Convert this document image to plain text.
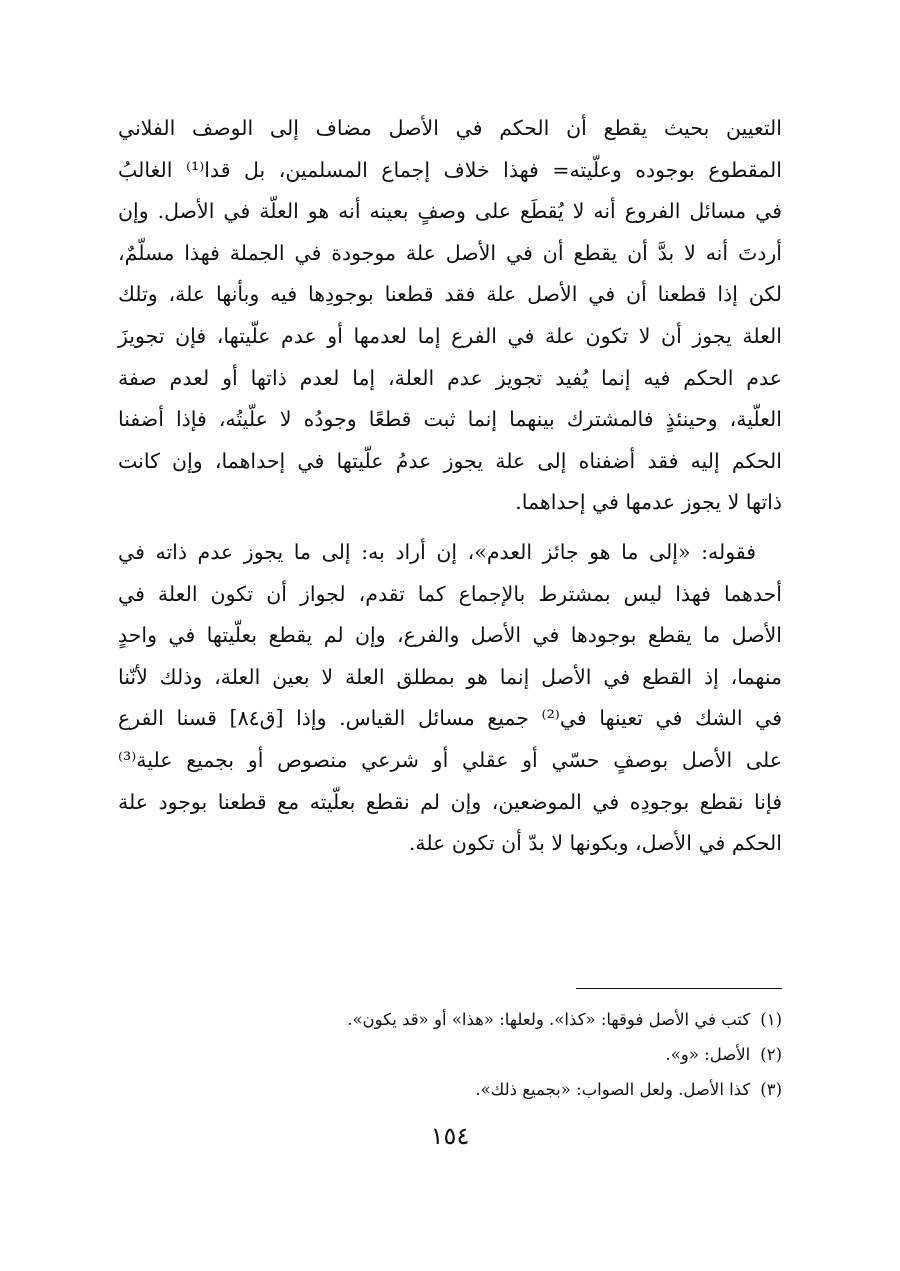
التعيين بحيث يقطع أن الحكم في الأصل مضاف إلى الوصف الفلاني
المقطوع بوجوده وعلّيته= فهذا خلاف إجماع المسلمين، بل قدا⁽¹⁾ الغالبُ
في مسائل الفروع أنه لا يُقطَع على وصفٍ بعينه أنه هو العلّة في الأصل. وإن
أردتَ أنه لا بدَّ أن يقطع أن في الأصل علة موجودة في الجملة فهذا مسلّمٌ،
لكن إذا قطعنا أن في الأصل علة فقد قطعنا بوجودِها فيه وبأنها علة، وتلك
العلة يجوز أن لا تكون علة في الفرع إما لعدمها أو عدم علّيتها، فإن تجويزَ
عدم الحكم فيه إنما يُفيد تجويز عدم العلة، إما لعدم ذاتها أو لعدم صفة
العلّية، وحينئذٍ فالمشترك بينهما إنما ثبت قطعًا وجودُه لا علّيتُه، فإذا أضفنا
الحكم إليه فقد أضفناه إلى علة يجوز عدمُ علّيتها في إحداهما، وإن كانت
ذاتها لا يجوز عدمها في إحداهما.

فقوله: «إلى ما هو جائز العدم»، إن أراد به: إلى ما يجوز عدم ذاته في
أحدهما فهذا ليس بمشترط بالإجماع كما تقدم، لجواز أن تكون العلة في
الأصل ما يقطع بوجودها في الأصل والفرع، وإن لم يقطع بعلّيتها في واحدٍ
منهما، إذ القطع في الأصل إنما هو بمطلق العلة لا بعين العلة، وذلك لأنّنا
في الشك في تعينها في⁽²⁾ جميع مسائل القياس. وإذا [ق٨٤] قسنا الفرع
على الأصل بوصفٍ حسّي أو عقلي أو شرعي منصوص أو بجميع علية⁽³⁾
فإنا نقطع بوجودِه في الموضعين، وإن لم نقطع بعلّيته مع قطعنا بوجود علة
الحكم في الأصل، وبكونها لا بدّ أن تكون علة.

(١)كتب في الأصل فوقها: «كذا». ولعلها: «هذا» أو «قد يكون».
(٢)الأصل: «و».
(٣)كذا الأصل. ولعل الصواب: «بجميع ذلك».
١٥٤
